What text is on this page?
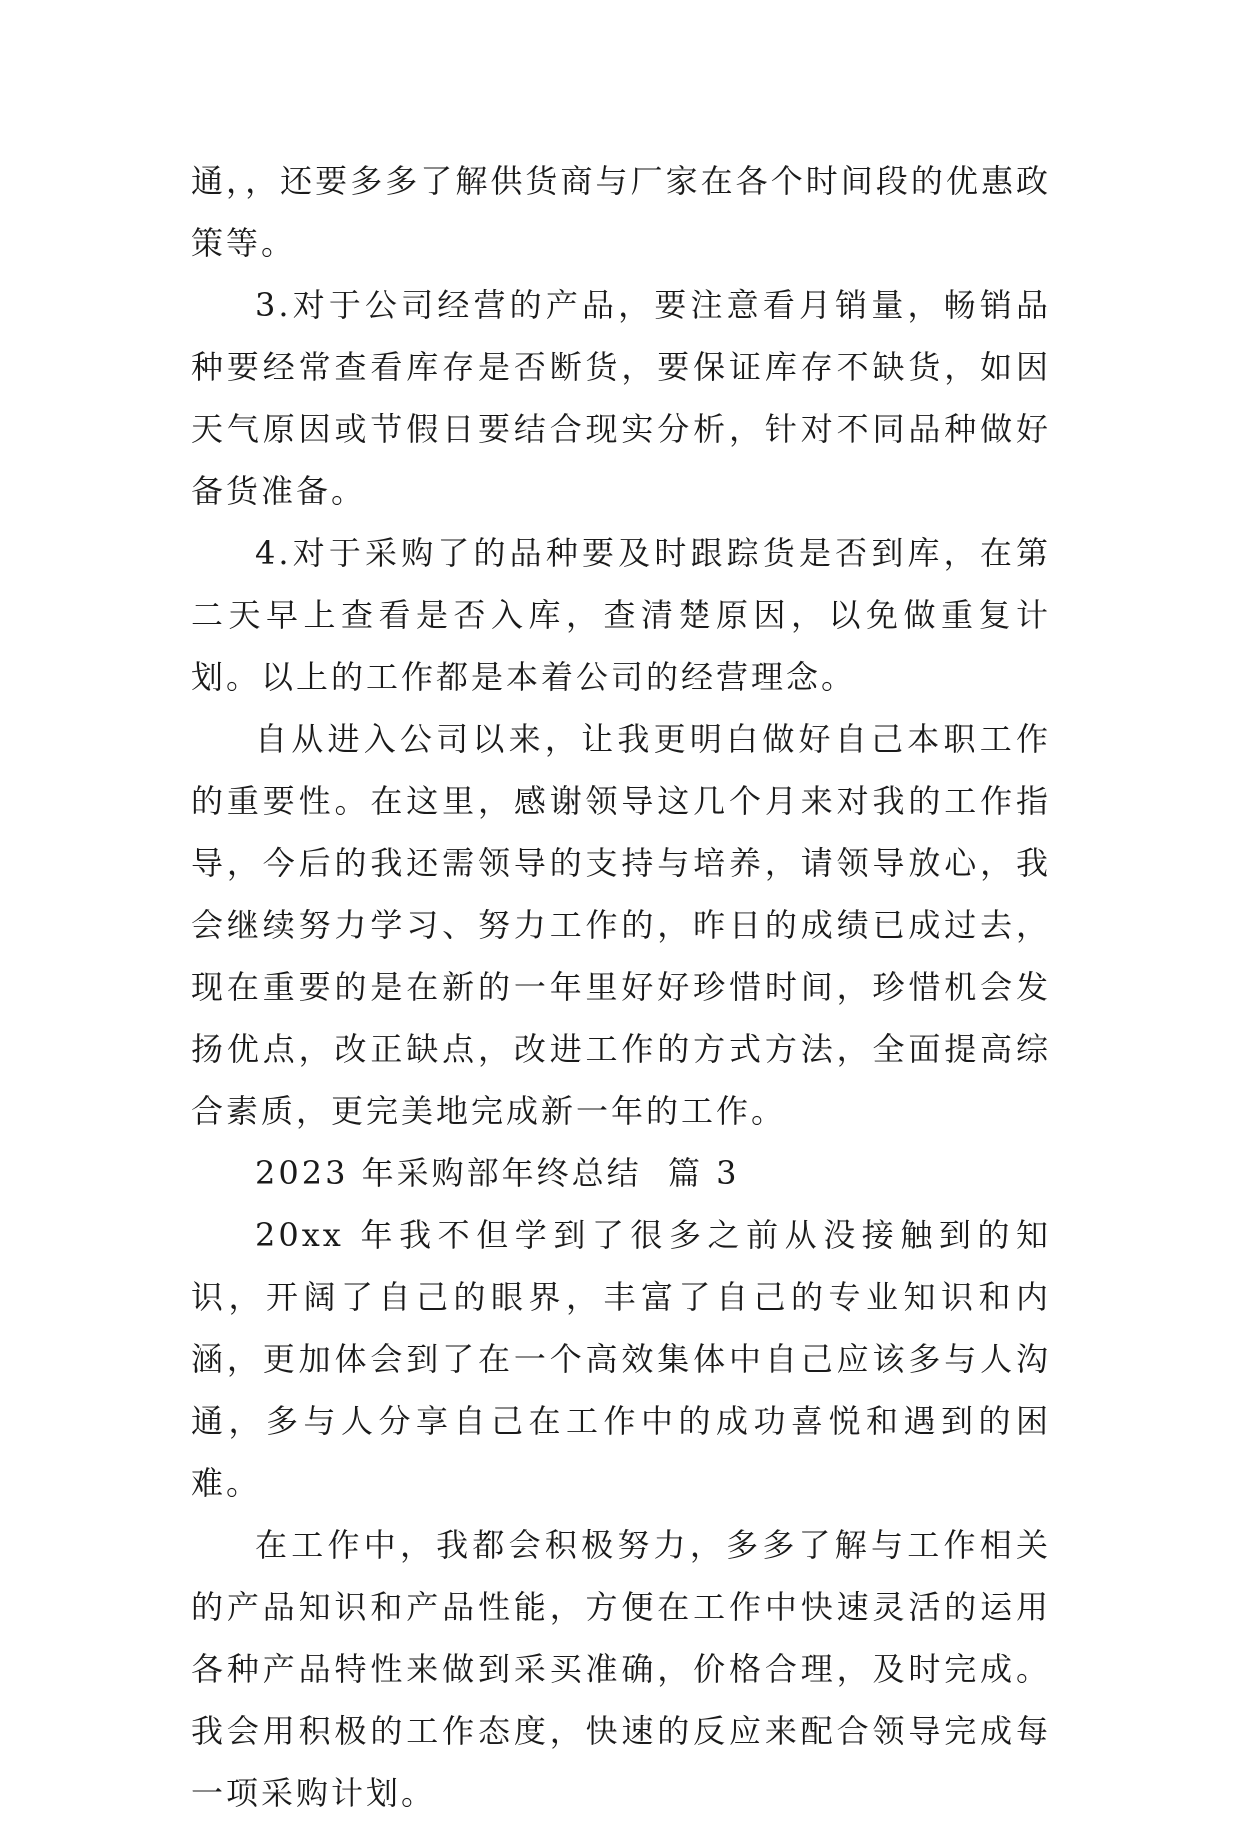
通，，还要多多了解供货商与厂家在各个时间段的优惠政策等。

3.对于公司经营的产品，要注意看月销量，畅销品种要经常查看库存是否断货，要保证库存不缺货，如因天气原因或节假日要结合现实分析，针对不同品种做好备货准备。

4.对于采购了的品种要及时跟踪货是否到库，在第二天早上查看是否入库，查清楚原因，以免做重复计划。以上的工作都是本着公司的经营理念。

自从进入公司以来，让我更明白做好自己本职工作的重要性。在这里，感谢领导这几个月来对我的工作指导，今后的我还需领导的支持与培养，请领导放心，我会继续努力学习、努力工作的，昨日的成绩已成过去，现在重要的是在新的一年里好好珍惜时间，珍惜机会发扬优点，改正缺点，改进工作的方式方法，全面提高综合素质，更完美地完成新一年的工作。

2023 年采购部年终总结  篇 3

20xx 年我不但学到了很多之前从没接触到的知识，开阔了自己的眼界，丰富了自己的专业知识和内涵，更加体会到了在一个高效集体中自己应该多与人沟通，多与人分享自己在工作中的成功喜悦和遇到的困难。

在工作中，我都会积极努力，多多了解与工作相关的产品知识和产品性能，方便在工作中快速灵活的运用各种产品特性来做到采买准确，价格合理，及时完成。我会用积极的工作态度，快速的反应来配合领导完成每一项采购计划。
